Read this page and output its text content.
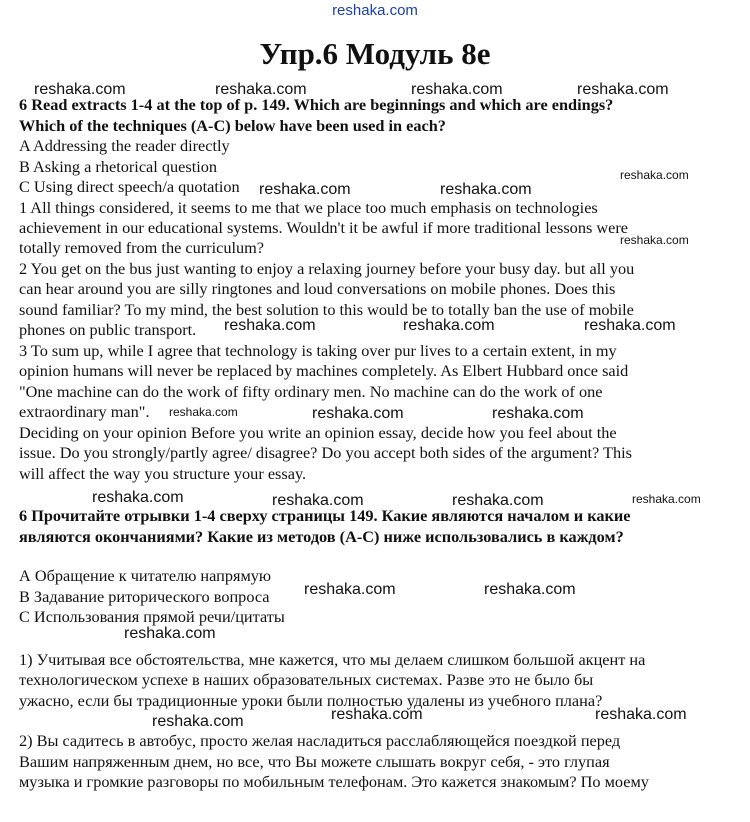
reshaka.com
Упр.6 Модуль 8е
6 Read extracts 1-4 at the top of p. 149. Which are beginnings and which are endings?
Which of the techniques (A-C) below have been used in each?
A Addressing the reader directly
B Asking a rhetorical question
C Using direct speech/a quotation
1 All things considered, it seems to me that we place too much emphasis on technologies
achievement in our educational systems. Wouldn't it be awful if more traditional lessons were
totally removed from the curriculum?
2 You get on the bus just wanting to enjoy a relaxing journey before your busy day. but all you
can hear around you are silly ringtones and loud conversations on mobile phones. Does this
sound familiar? To my mind, the best solution to this would be to totally ban the use of mobile
phones on public transport.
3 To sum up, while I agree that technology is taking over pur lives to a certain extent, in my
opinion humans will never be replaced by machines completely. As Elbert Hubbard once said
"One machine can do the work of fifty ordinary men. No machine can do the work of one
extraordinary man".
Deciding on your opinion Before you write an opinion essay, decide how you feel about the
issue. Do you strongly/partly agree/ disagree? Do you accept both sides of the argument? This
will affect the way you structure your essay.
6 Прочитайте отрывки 1-4 сверху страницы 149. Какие являются началом и какие
являются окончаниями? Какие из методов (А-С) ниже использовались в каждом?
А Обращение к читателю напрямую
В Задавание риторического вопроса
С Использования прямой речи/цитаты
1) Учитывая все обстоятельства, мне кажется, что мы делаем слишком большой акцент на
технологическом успехе в наших образовательных системах. Разве это не было бы
ужасно, если бы традиционные уроки были полностью удалены из учебного плана?
2) Вы садитесь в автобус, просто желая насладиться расслабляющейся поездкой перед
Вашим напряженным днем, но все, что Вы можете слышать вокруг себя, - это глупая
музыка и громкие разговоры по мобильным телефонам. Это кажется знакомым? По моему
reshaka.com	reshaka.com	reshaka.com	reshaka.com
reshaka.com
reshaka.com	reshaka.com
reshaka.com
reshaka.com	reshaka.com	reshaka.com
reshaka.com	reshaka.com	reshaka.com
reshaka.com	reshaka.com	reshaka.com	reshaka.com
reshaka.com	reshaka.com
reshaka.com
reshaka.com	reshaka.com
reshaka.com
